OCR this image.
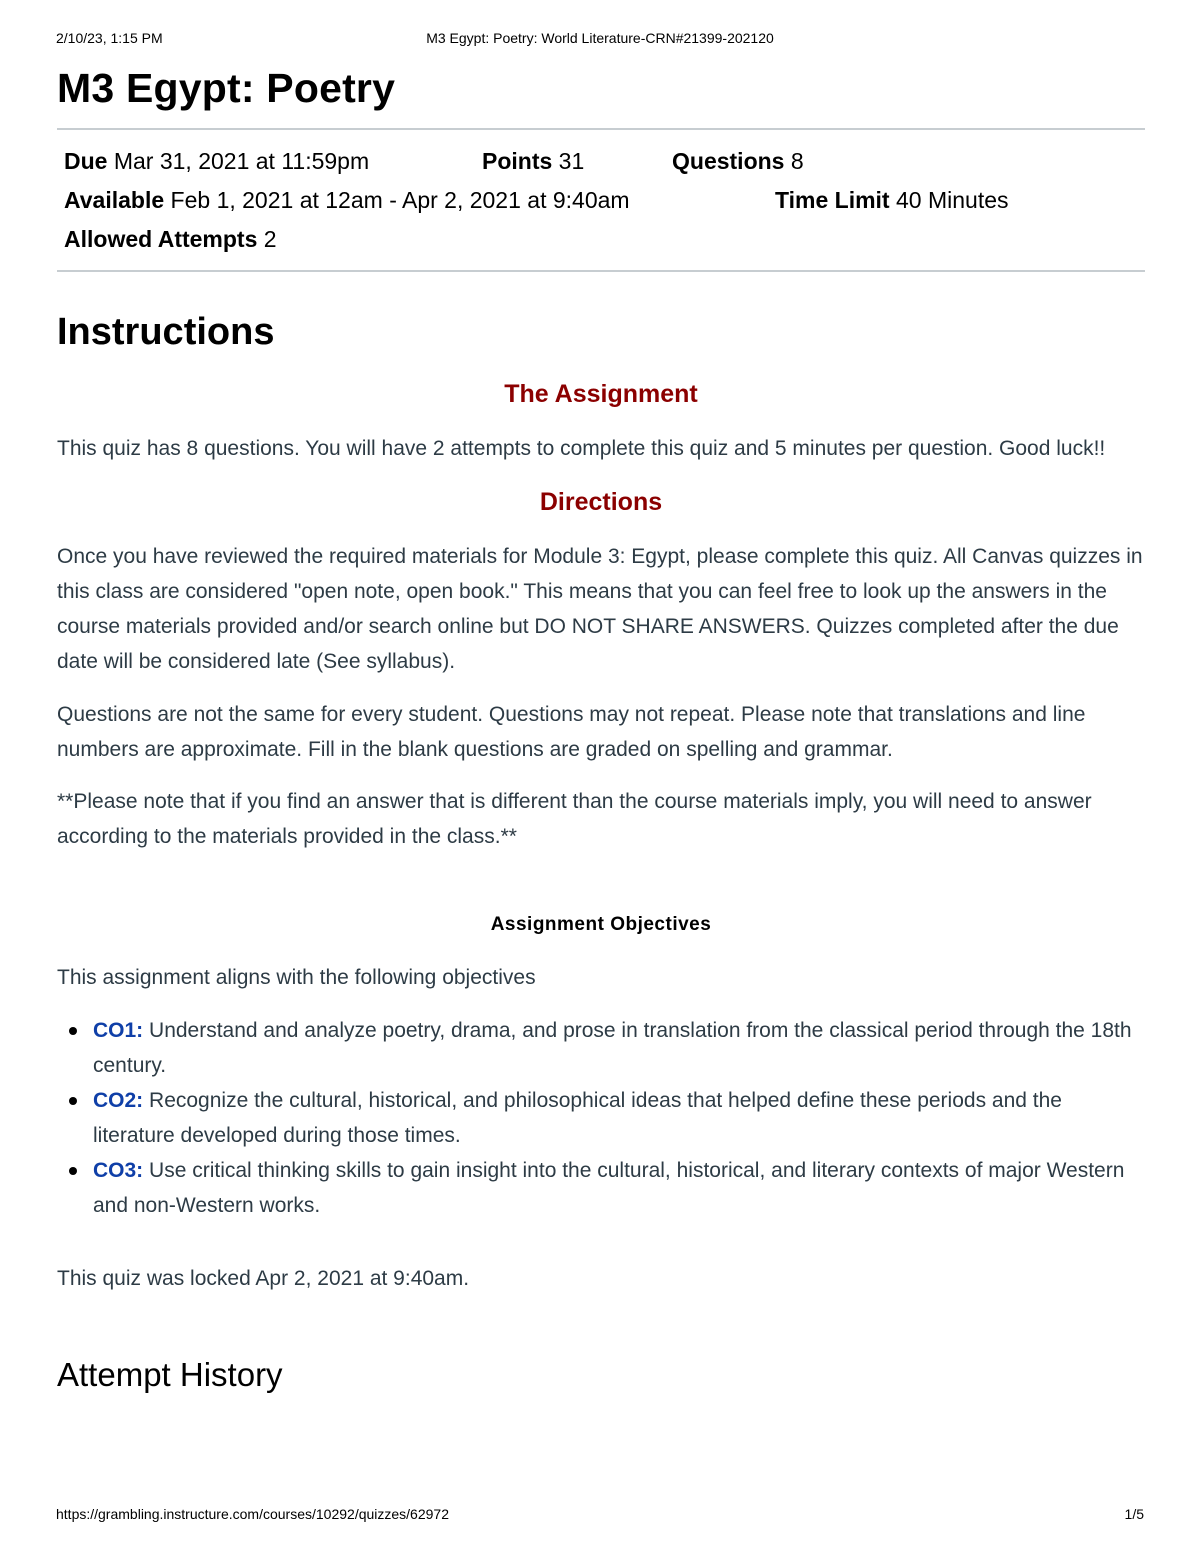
2/10/23, 1:15 PM	M3 Egypt: Poetry: World Literature-CRN#21399-202120
M3 Egypt: Poetry
Due Mar 31, 2021 at 11:59pm	Points 31	Questions 8
Available Feb 1, 2021 at 12am - Apr 2, 2021 at 9:40am	Time Limit 40 Minutes
Allowed Attempts 2
Instructions
The Assignment

This quiz has 8 questions. You will have 2 attempts to complete this quiz and 5 minutes per question. Good luck!!

Directions

Once you have reviewed the required materials for Module 3: Egypt, please complete this quiz. All Canvas quizzes in this class are considered "open note, open book." This means that you can feel free to look up the answers in the course materials provided and/or search online but DO NOT SHARE ANSWERS. Quizzes completed after the due date will be considered late (See syllabus).

Questions are not the same for every student. Questions may not repeat. Please note that translations and line numbers are approximate. Fill in the blank questions are graded on spelling and grammar.

**Please note that if you find an answer that is different than the course materials imply, you will need to answer according to the materials provided in the class.**

Assignment Objectives

This assignment aligns with the following objectives

CO1: Understand and analyze poetry, drama, and prose in translation from the classical period through the 18th century.
CO2: Recognize the cultural, historical, and philosophical ideas that helped define these periods and the literature developed during those times.
CO3: Use critical thinking skills to gain insight into the cultural, historical, and literary contexts of major Western and non-Western works.

This quiz was locked Apr 2, 2021 at 9:40am.

Attempt History
https://grambling.instructure.com/courses/10292/quizzes/62972	1/5
